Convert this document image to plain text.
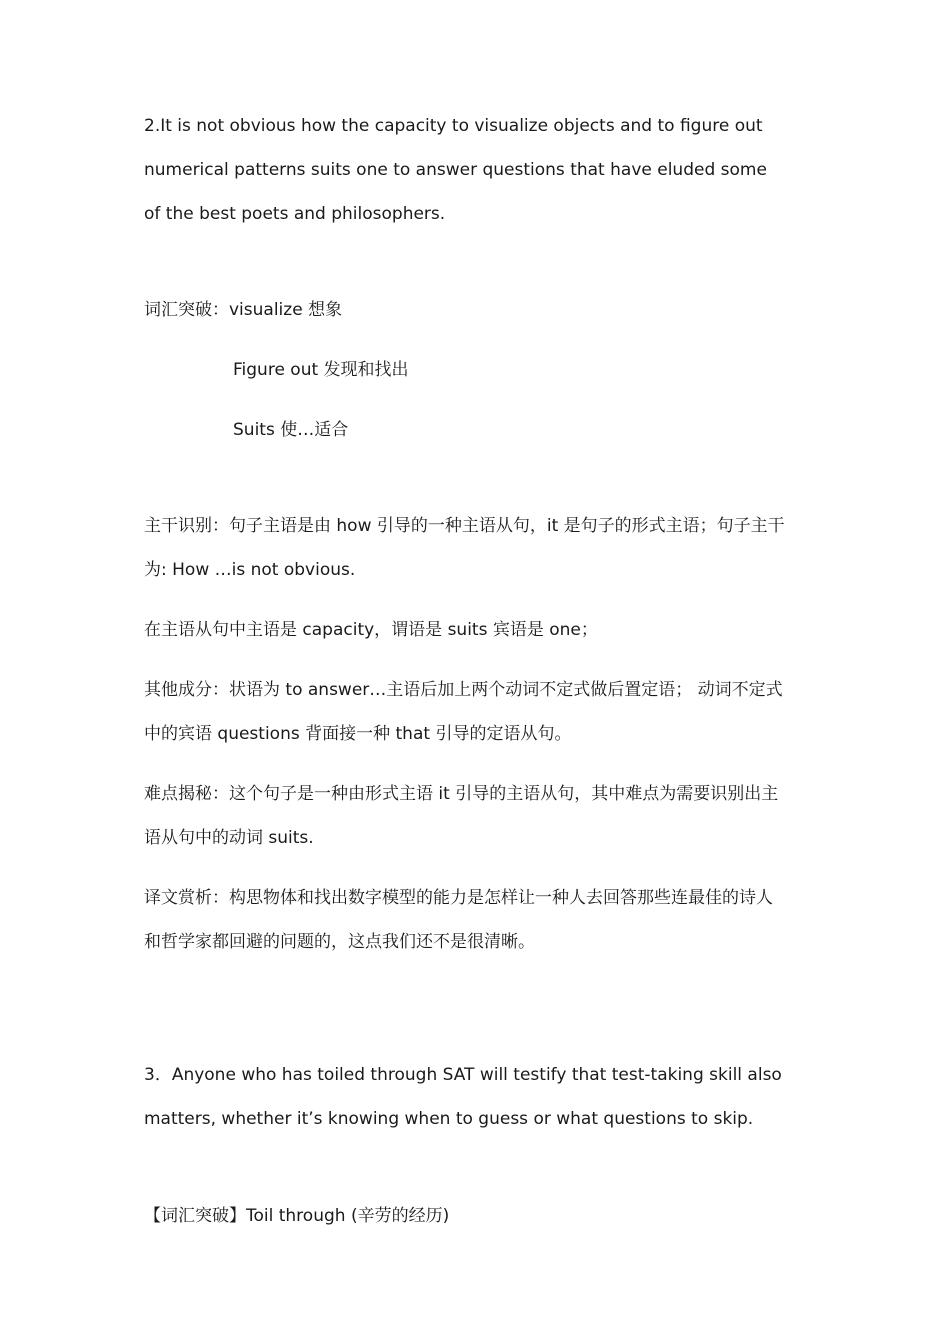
2.It is not obvious how the capacity to visualize objects and to figure out
numerical patterns suits one to answer questions that have eluded some
of the best poets and philosophers.
词汇突破：visualize 想象
Figure out 发现和找出
Suits 使…适合
主干识别：句子主语是由 how 引导的一种主语从句，it 是句子的形式主语；句子主干
为: How …is not obvious.
在主语从句中主语是 capacity，谓语是 suits 宾语是 one；
其他成分：状语为 to answer…主语后加上两个动词不定式做后置定语； 动词不定式
中的宾语 questions 背面接一种 that 引导的定语从句。
难点揭秘：这个句子是一种由形式主语 it 引导的主语从句，其中难点为需要识别出主
语从句中的动词 suits.
译文赏析：构思物体和找出数字模型的能力是怎样让一种人去回答那些连最佳的诗人
和哲学家都回避的问题的，这点我们还不是很清晰。
3．Anyone who has toiled through SAT will testify that test-taking skill also
matters, whether it’s knowing when to guess or what questions to skip.
【词汇突破】Toil through (辛劳的经历)
